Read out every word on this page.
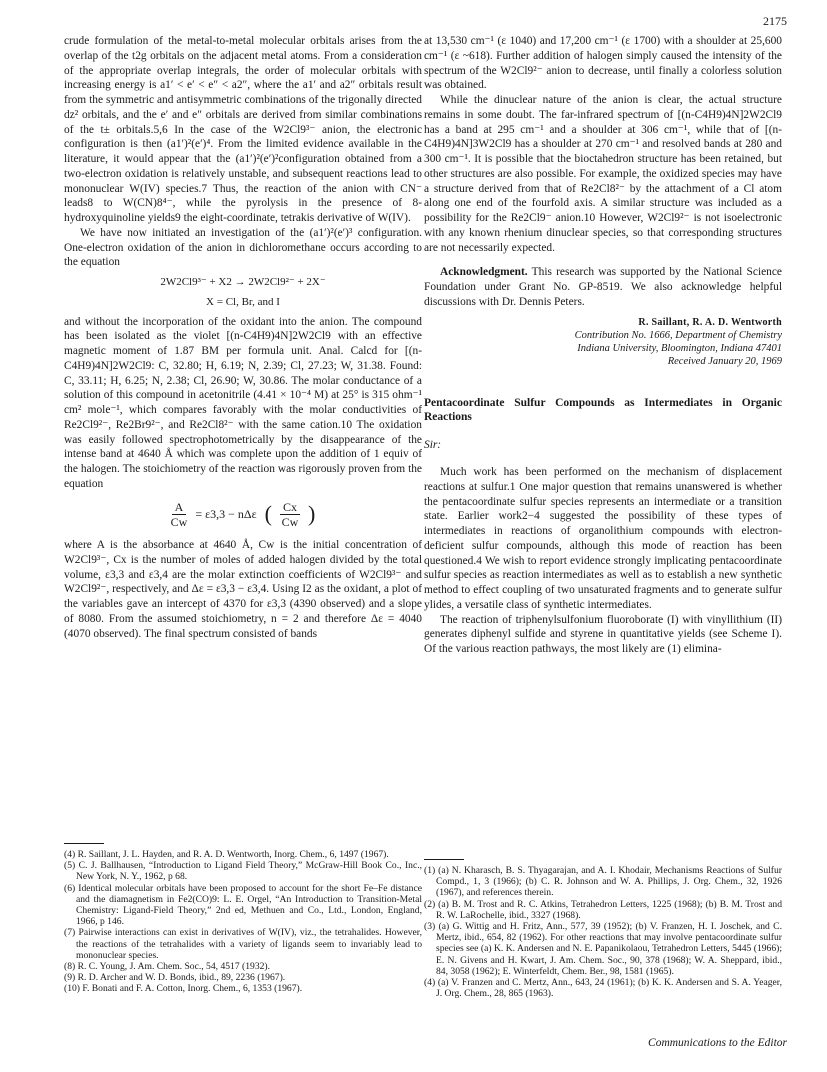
2175

crude formulation of the metal-to-metal molecular orbitals arises from the overlap of the t2g orbitals on the adjacent metal atoms. From a consideration of the appropriate overlap integrals, the order of molecular orbitals with increasing energy is a1′ < e′ < e″ < a2″, where the a1′ and a2″ orbitals result from the symmetric and antisymmetric combinations of the trigonally directed dz² orbitals, and the e′ and e″ orbitals are derived from similar combinations of the t± orbitals.5,6 In the case of the W2Cl9³⁻ anion, the electronic configuration is then (a1′)²(e′)⁴. From the limited evidence available in the literature, it would appear that the (a1′)²(e′)²configuration obtained from a two-electron oxidation is relatively unstable, and subsequent reactions lead to mononuclear W(IV) species.7 Thus, the reaction of the anion with CN⁻ leads8 to W(CN)8⁴⁻, while the pyrolysis in the presence of 8-hydroxyquinoline yields9 the eight-coordinate, tetrakis derivative of W(IV).

We have now initiated an investigation of the (a1′)²(e′)³ configuration. One-electron oxidation of the anion in dichloromethane occurs according to the equation

2W2Cl9³⁻ + X2 → 2W2Cl9²⁻ + 2X⁻
X = Cl, Br, and I

and without the incorporation of the oxidant into the anion. The compound has been isolated as the violet [(n-C4H9)4N]2W2Cl9 with an effective magnetic moment of 1.87 BM per formula unit. Anal. Calcd for [(n-C4H9)4N]2W2Cl9: C, 32.80; H, 6.19; N, 2.39; Cl, 27.23; W, 31.38. Found: C, 33.11; H, 6.25; N, 2.38; Cl, 26.90; W, 30.86. The molar conductance of a solution of this compound in acetonitrile (4.41 × 10⁻⁴ M) at 25° is 315 ohm⁻¹ cm² mole⁻¹, which compares favorably with the molar conductivities of Re2Cl9²⁻, Re2Br9²⁻, and Re2Cl8²⁻ with the same cation.10 The oxidation was easily followed spectrophotometrically by the disappearance of the intense band at 4640 Å which was complete upon the addition of 1 equiv of the halogen. The stoichiometry of the reaction was rigorously proven from the equation

$\frac{A}{Cw} = \varepsilon 3,3 - n\Delta\varepsilon$ ( $\frac{Cx}{Cw}$ )

where A is the absorbance at 4640 Å, Cw is the initial concentration of W2Cl9³⁻, Cx is the number of moles of added halogen divided by the total volume, ε3,3 and ε3,4 are the molar extinction coefficients of W2Cl9³⁻ and W2Cl9²⁻, respectively, and Δε = ε3,3 − ε3,4. Using I2 as the oxidant, a plot of the variables gave an intercept of 4370 for ε3,3 (4390 observed) and a slope of 8080. From the assumed stoichiometry, n = 2 and therefore Δε = 4040 (4070 observed). The final spectrum consisted of bands

at 13,530 cm⁻¹ (ε 1040) and 17,200 cm⁻¹ (ε 1700) with a shoulder at 25,600 cm⁻¹ (ε ~618). Further addition of halogen simply caused the intensity of the spectrum of the W2Cl9²⁻ anion to decrease, until finally a colorless solution was obtained.

While the dinuclear nature of the anion is clear, the actual structure remains in some doubt. The far-infrared spectrum of [(n-C4H9)4N]2W2Cl9 has a band at 295 cm⁻¹ and a shoulder at 306 cm⁻¹, while that of [(n-C4H9)4N]3W2Cl9 has a shoulder at 270 cm⁻¹ and resolved bands at 280 and 300 cm⁻¹. It is possible that the bioctahedron structure has been retained, but other structures are also possible. For example, the oxidized species may have a structure derived from that of Re2Cl8²⁻ by the attachment of a Cl atom along one end of the fourfold axis. A similar structure was included as a possibility for the Re2Cl9⁻ anion.10 However, W2Cl9²⁻ is not isoelectronic with any known rhenium dinuclear species, so that corresponding structures are not necessarily expected.

Acknowledgment. This research was supported by the National Science Foundation under Grant No. GP-8519. We also acknowledge helpful discussions with Dr. Dennis Peters.

R. Saillant, R. A. D. Wentworth
Contribution No. 1666, Department of Chemistry
Indiana University, Bloomington, Indiana 47401
Received January 20, 1969
Pentacoordinate Sulfur Compounds as Intermediates in Organic Reactions
Sir:

Much work has been performed on the mechanism of displacement reactions at sulfur.1 One major question that remains unanswered is whether the pentacoordinate sulfur species represents an intermediate or a transition state. Earlier work2−4 suggested the possibility of these types of intermediates in reactions of organolithium compounds with electron-deficient sulfur compounds, although this mode of reaction has been questioned.4 We wish to report evidence strongly implicating pentacoordinate sulfur species as reaction intermediates as well as to establish a new synthetic method to effect coupling of two unsaturated fragments and to generate sulfur ylides, a versatile class of synthetic intermediates.

The reaction of triphenylsulfonium fluoroborate (I) with vinyllithium (II) generates diphenyl sulfide and styrene in quantitative yields (see Scheme I). Of the various reaction pathways, the most likely are (1) elimina-

(4) R. Saillant, J. L. Hayden, and R. A. D. Wentworth, Inorg. Chem., 6, 1497 (1967).

(5) C. J. Ballhausen, “Introduction to Ligand Field Theory,” McGraw-Hill Book Co., Inc., New York, N. Y., 1962, p 68.

(6) Identical molecular orbitals have been proposed to account for the short Fe–Fe distance and the diamagnetism in Fe2(CO)9: L. E. Orgel, “An Introduction to Transition-Metal Chemistry: Ligand-Field Theory,” 2nd ed, Methuen and Co., Ltd., London, England, 1966, p 146.

(7) Pairwise interactions can exist in derivatives of W(IV), viz., the tetrahalides. However, the reactions of the tetrahalides with a variety of ligands seem to invariably lead to mononuclear species.

(8) R. C. Young, J. Am. Chem. Soc., 54, 4517 (1932).

(9) R. D. Archer and W. D. Bonds, ibid., 89, 2236 (1967).

(10) F. Bonati and F. A. Cotton, Inorg. Chem., 6, 1353 (1967).

(1) (a) N. Kharasch, B. S. Thyagarajan, and A. I. Khodair, Mechanisms Reactions of Sulfur Compd., 1, 3 (1966); (b) C. R. Johnson and W. A. Phillips, J. Org. Chem., 32, 1926 (1967), and references therein.

(2) (a) B. M. Trost and R. C. Atkins, Tetrahedron Letters, 1225 (1968); (b) B. M. Trost and R. W. LaRochelle, ibid., 3327 (1968).

(3) (a) G. Wittig and H. Fritz, Ann., 577, 39 (1952); (b) V. Franzen, H. I. Joschek, and C. Mertz, ibid., 654, 82 (1962). For other reactions that may involve pentacoordinate sulfur species see (a) K. K. Andersen and N. E. Papanikolaou, Tetrahedron Letters, 5445 (1966); E. N. Givens and H. Kwart, J. Am. Chem. Soc., 90, 378 (1968); W. A. Sheppard, ibid., 84, 3058 (1962); E. Winterfeldt, Chem. Ber., 98, 1581 (1965).

(4) (a) V. Franzen and C. Mertz, Ann., 643, 24 (1961); (b) K. K. Andersen and S. A. Yeager, J. Org. Chem., 28, 865 (1963).

Communications to the Editor
